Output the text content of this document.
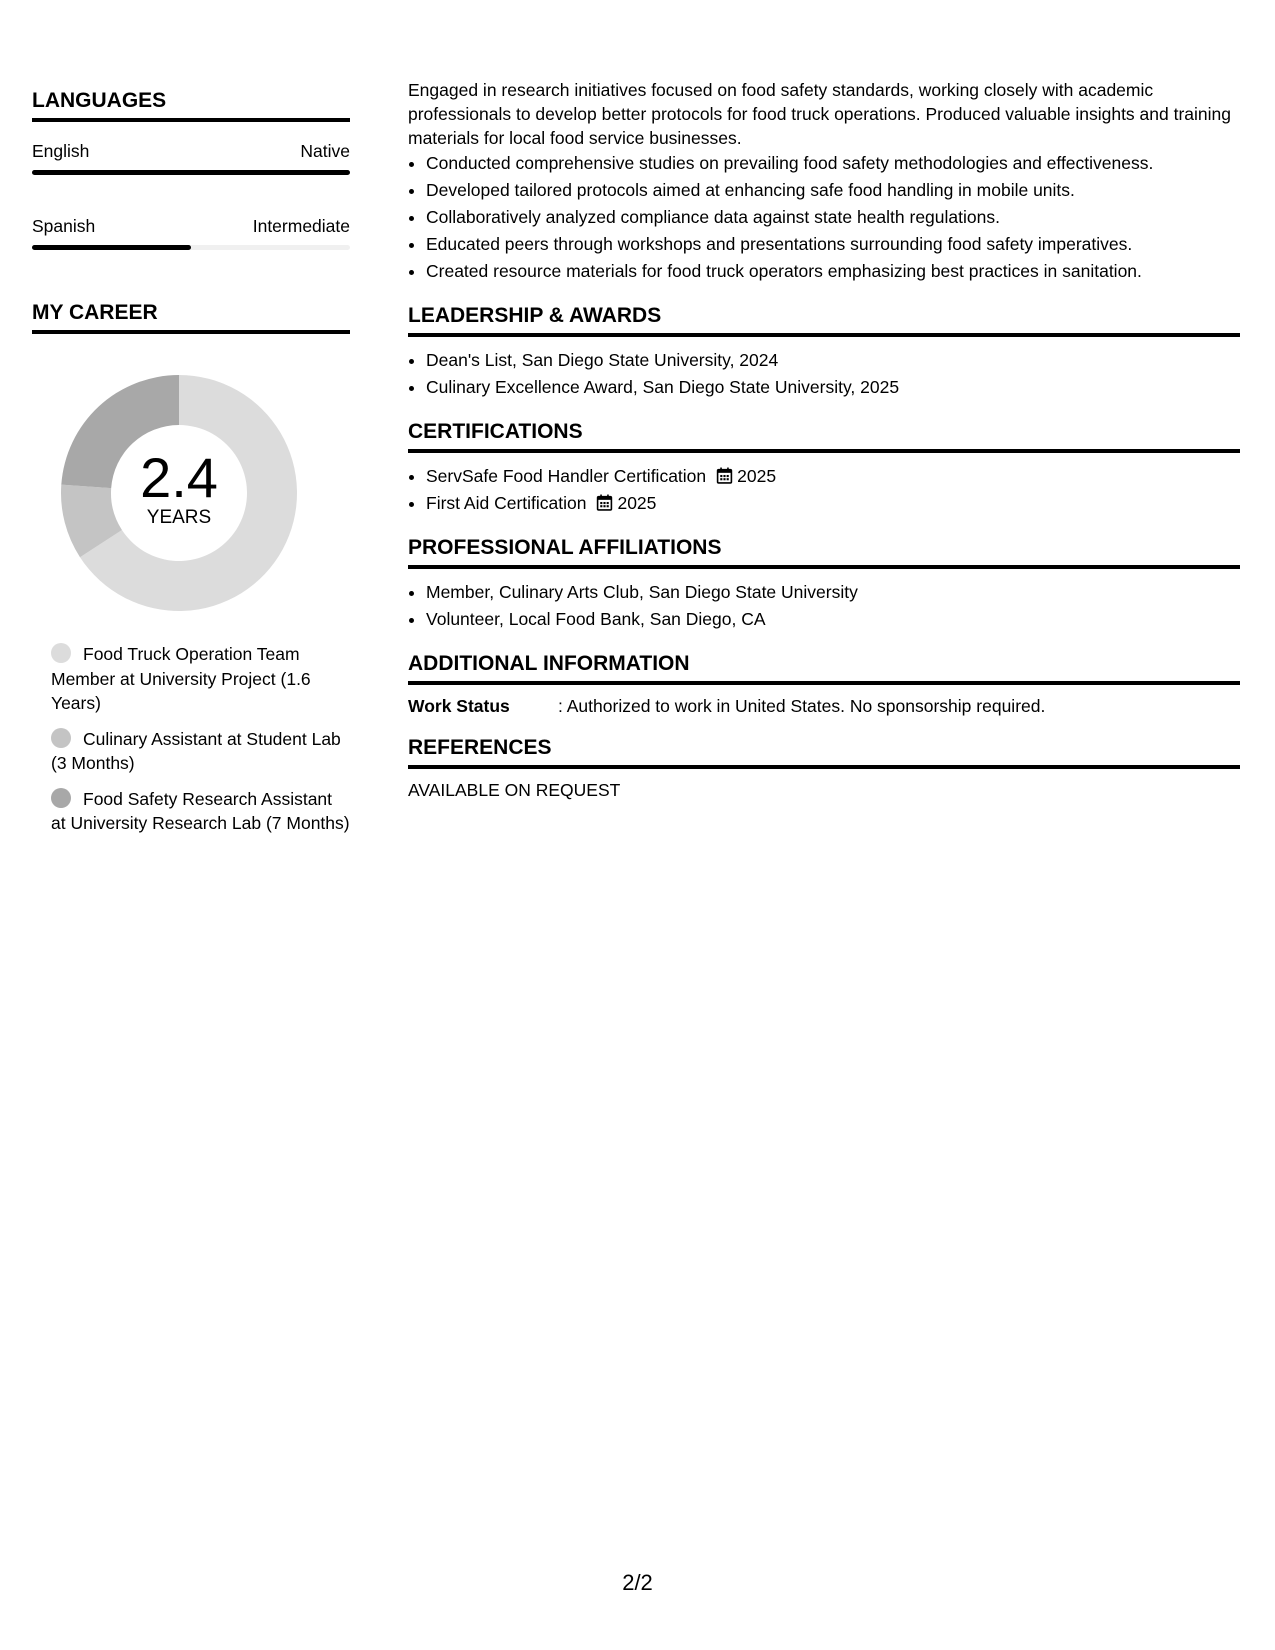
LANGUAGES
English	Native
Spanish	Intermediate
MY CAREER
2.4
YEARS
Food Truck Operation Team Member at University Project (1.6 Years)
Culinary Assistant at Student Lab (3 Months)
Food Safety Research Assistant at University Research Lab (7 Months)

Engaged in research initiatives focused on food safety standards, working closely with academic professionals to develop better protocols for food truck operations. Produced valuable insights and training materials for local food service businesses.

• Conducted comprehensive studies on prevailing food safety methodologies and effectiveness.
• Developed tailored protocols aimed at enhancing safe food handling in mobile units.
• Collaboratively analyzed compliance data against state health regulations.
• Educated peers through workshops and presentations surrounding food safety imperatives.
• Created resource materials for food truck operators emphasizing best practices in sanitation.
LEADERSHIP & AWARDS
• Dean's List, San Diego State University, 2024
• Culinary Excellence Award, San Diego State University, 2025
CERTIFICATIONS
• ServSafe Food Handler Certification 2025
• First Aid Certification 2025
PROFESSIONAL AFFILIATIONS
• Member, Culinary Arts Club, San Diego State University
• Volunteer, Local Food Bank, San Diego, CA
ADDITIONAL INFORMATION
Work Status	: Authorized to work in United States. No sponsorship required.
REFERENCES
AVAILABLE ON REQUEST
2/2
